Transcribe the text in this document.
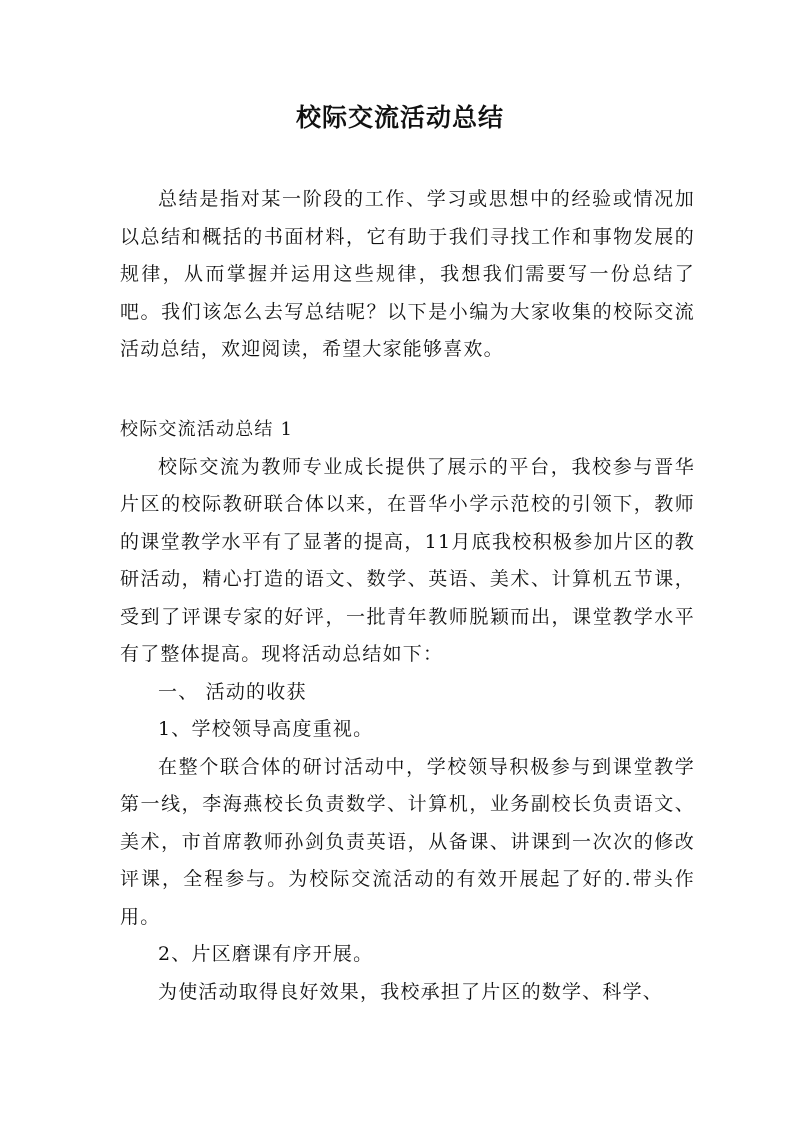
校际交流活动总结

总结是指对某一阶段的工作、学习或思想中的经验或情况加以总结和概括的书面材料，它有助于我们寻找工作和事物发展的规律，从而掌握并运用这些规律，我想我们需要写一份总结了吧。我们该怎么去写总结呢？以下是小编为大家收集的校际交流活动总结，欢迎阅读，希望大家能够喜欢。

校际交流活动总结 1

校际交流为教师专业成长提供了展示的平台，我校参与晋华片区的校际教研联合体以来，在晋华小学示范校的引领下，教师的课堂教学水平有了显著的提高，11月底我校积极参加片区的教研活动，精心打造的语文、数学、英语、美术、计算机五节课，受到了评课专家的好评，一批青年教师脱颖而出，课堂教学水平有了整体提高。现将活动总结如下：

一、 活动的收获

1、学校领导高度重视。

在整个联合体的研讨活动中，学校领导积极参与到课堂教学第一线，李海燕校长负责数学、计算机，业务副校长负责语文、美术，市首席教师孙剑负责英语，从备课、讲课到一次次的修改评课，全程参与。为校际交流活动的有效开展起了好的.带头作用。

2、片区磨课有序开展。

为使活动取得良好效果，我校承担了片区的数学、科学、
